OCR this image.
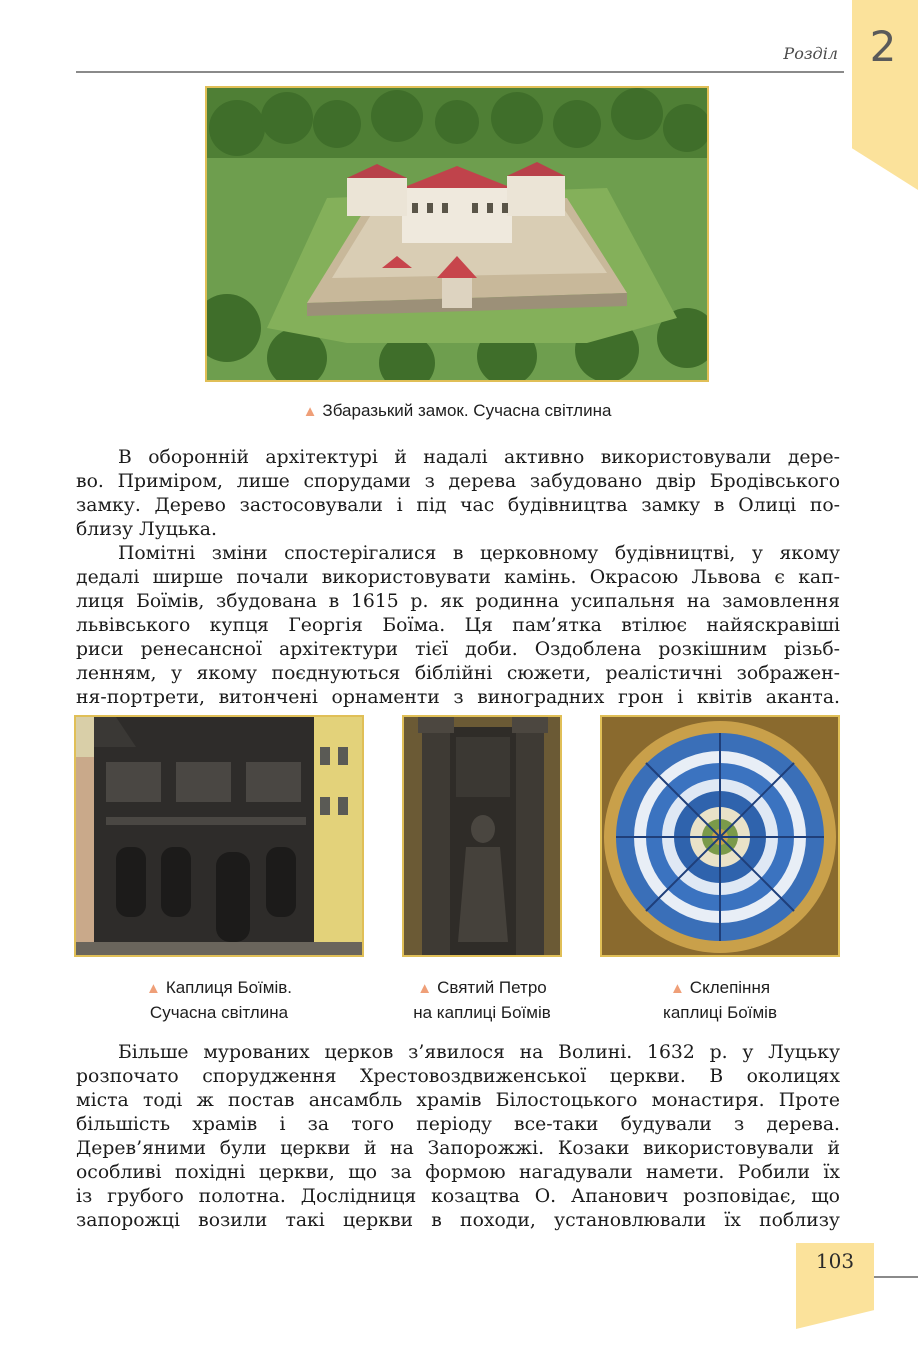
Розділ 2
▲ Збаразький замок. Сучасна світлина
В оборонній архітектурі й надалі активно використовували дере-
во. Приміром, лише спорудами з дерева забудовано двір Бродівського
замку. Дерево застосовували і під час будівництва замку в Олиці по-
близу Луцька.
Помітні зміни спостерігалися в церковному будівництві, у якому
дедалі ширше почали використовувати камінь. Окрасою Львова є кап-
лиця Боїмів, збудована в 1615 р. як родинна усипальня на замовлення
львівського купця Георгія Боїма. Ця пам’ятка втілює найяскравіші
риси ренесансної архітектури тієї доби. Оздоблена розкішним різьб-
ленням, у якому поєднуються біблійні сюжети, реалістичні зображен-
ня-портрети, витончені орнаменти з виноградних грон і квітів аканта.
▲ Каплиця Боїмів.
Сучасна світлина
▲ Святий Петро
на каплиці Боїмів
▲ Склепіння
каплиці Боїмів
Більше мурованих церков з’явилося на Волині. 1632 р. у Луцьку
розпочато спорудження Хрестовоздвиженської церкви. В околицях
міста тоді ж постав ансамбль храмів Білостоцького монастиря. Проте
більшість храмів і за того періоду все-таки будували з дерева.
Дерев’яними були церкви й на Запорожжі. Козаки використовували й
особливі похідні церкви, що за формою нагадували намети. Робили їх
із грубого полотна. Дослідниця козацтва О. Апанович розповідає, що
запорожці возили такі церкви в походи, установлювали їх поблизу
103
